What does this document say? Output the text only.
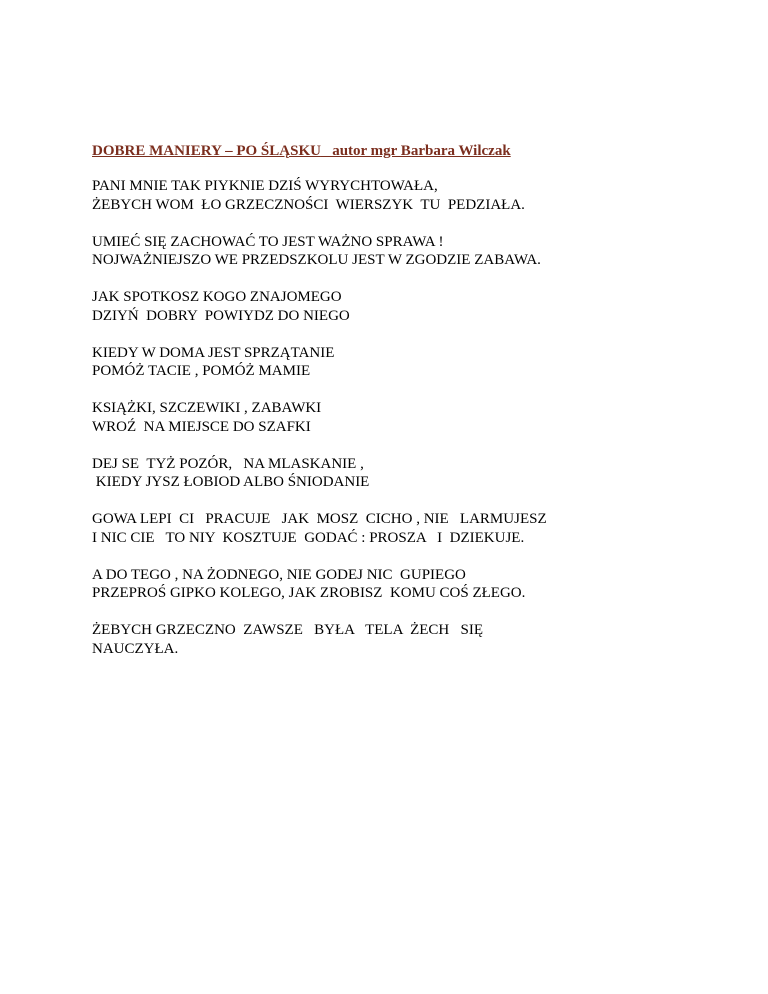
DOBRE MANIERY – PO ŚLĄSKU   autor mgr Barbara Wilczak
PANI MNIE TAK PIYKNIE DZIŚ WYRYCHTOWAŁA,
ŻEBYCH WOM  ŁO GRZECZNOŚCI  WIERSZYK  TU  PEDZIAŁA.
UMIEĆ SIĘ ZACHOWAĆ TO JEST WAŻNO SPRAWA !
NOJWAŻNIEJSZO WE PRZEDSZKOLU JEST W ZGODZIE ZABAWA.
JAK SPOTKOSZ KOGO ZNAJOMEGO
DZIYŃ  DOBRY  POWIYDZ DO NIEGO
KIEDY W DOMA JEST SPRZĄTANIE
POMÓŻ TACIE , POMÓŻ MAMIE
KSIĄŻKI, SZCZEWIKI , ZABAWKI
WROŹ  NA MIEJSCE DO SZAFKI
DEJ SE  TYŻ POZÓR,   NA MLASKANIE ,
KIEDY JYSZ ŁOBIOD ALBO ŚNIODANIE
GOWA LEPI  CI   PRACUJE   JAK  MOSZ  CICHO , NIE   LARMUJESZ
I NIC CIE   TO NIY  KOSZTUJE  GODAĆ : PROSZA   I  DZIEKUJE.
A DO TEGO , NA ŻODNEGO, NIE GODEJ NIC  GUPIEGO
PRZEPROŚ GIPKO KOLEGO, JAK ZROBISZ  KOMU COŚ ZŁEGO.
ŻEBYCH GRZECZNO  ZAWSZE   BYŁA   TELA  ŻECH   SIĘ
NAUCZYŁA.
